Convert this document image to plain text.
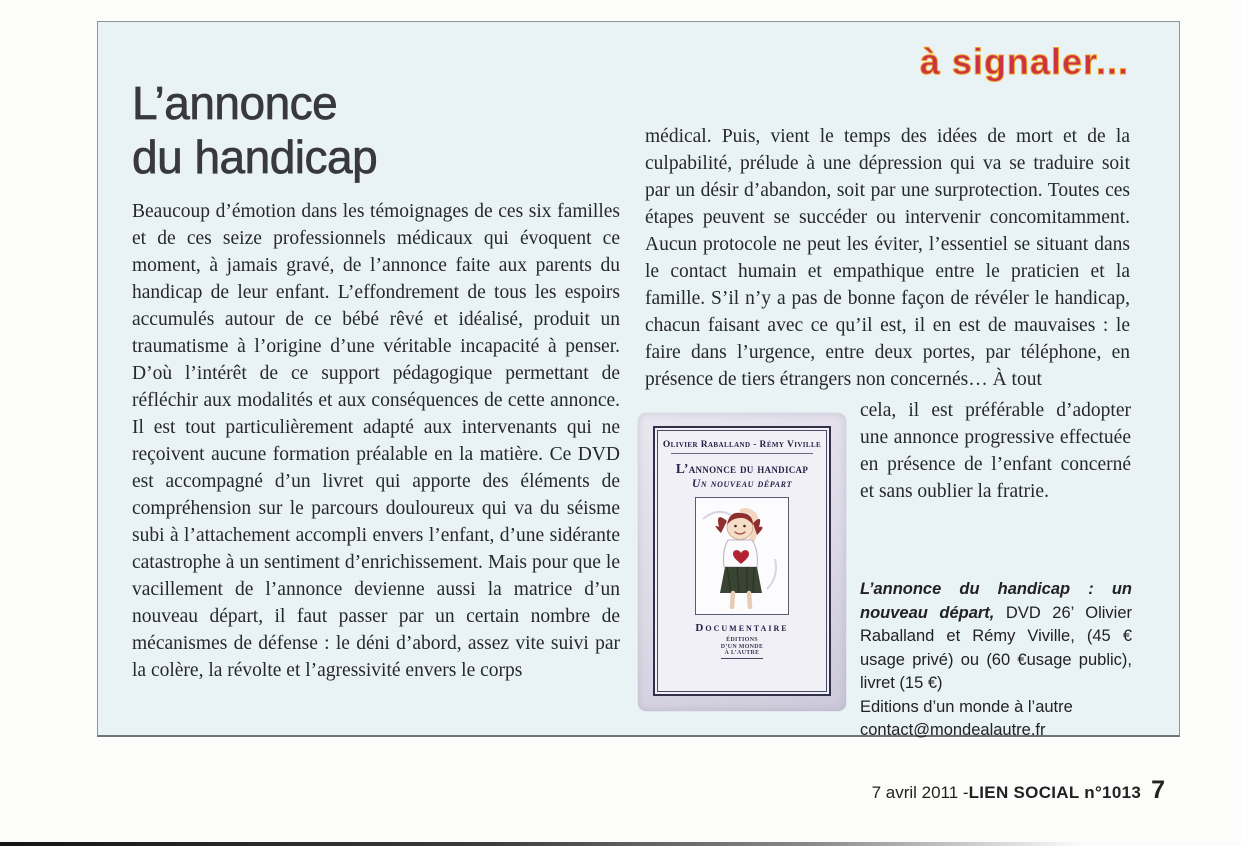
à signaler...
L’annonce
du handicap
Beaucoup d’émotion dans les témoignages de ces six familles et de ces seize professionnels médicaux qui évoquent ce moment, à jamais gravé, de l’annonce faite aux parents du handicap de leur enfant. L’effondrement de tous les espoirs accumulés autour de ce bébé rêvé et idéalisé, produit un traumatisme à l’origine d’une véritable incapacité à penser. D’où l’intérêt de ce support pédagogique permettant de réfléchir aux modalités et aux conséquences de cette annonce. Il est tout particulièrement adapté aux intervenants qui ne reçoivent aucune formation préalable en la matière. Ce DVD est accompagné d’un livret qui apporte des éléments de compréhension sur le parcours douloureux qui va du séisme subi à l’attachement accompli envers l’enfant, d’une sidérante catastrophe à un sentiment d’enrichissement. Mais pour que le vacillement de l’annonce devienne aussi la matrice d’un nouveau départ, il faut passer par un certain nombre de mécanismes de défense : le déni d’abord, assez vite suivi par la colère, la révolte et l’agressivité envers le corps
médical. Puis, vient le temps des idées de mort et de la culpabilité, prélude à une dépression qui va se traduire soit par un désir d’abandon, soit par une surprotection. Toutes ces étapes peuvent se succéder ou intervenir concomitamment. Aucun protocole ne peut les éviter, l’essentiel se situant dans le contact humain et empathique entre le praticien et la famille. S’il n’y a pas de bonne façon de révéler le handicap, chacun faisant avec ce qu’il est, il en est de mauvaises : le faire dans l’urgence, entre deux portes, par téléphone, en présence de tiers étrangers non concernés… À tout
cela, il est préférable d’adopter une annonce progressive effectuée en présence de l’enfant concerné et sans oublier la fratrie.
Olivier Raballand - Rémy Viville
L’annonce du handicap
Un nouveau départ
Documentaire
ÉDITIONS
D’UN MONDE
À L’AUTRE
L’annonce du handicap : un nouveau départ, DVD 26’ Olivier Raballand et Rémy Viville, (45 € usage privé) ou (60 €usage public), livret (15 €)
Editions d’un monde à l’autre
contact@mondealautre.fr
7 avril 2011 - LIEN SOCIAL n°1013 7
